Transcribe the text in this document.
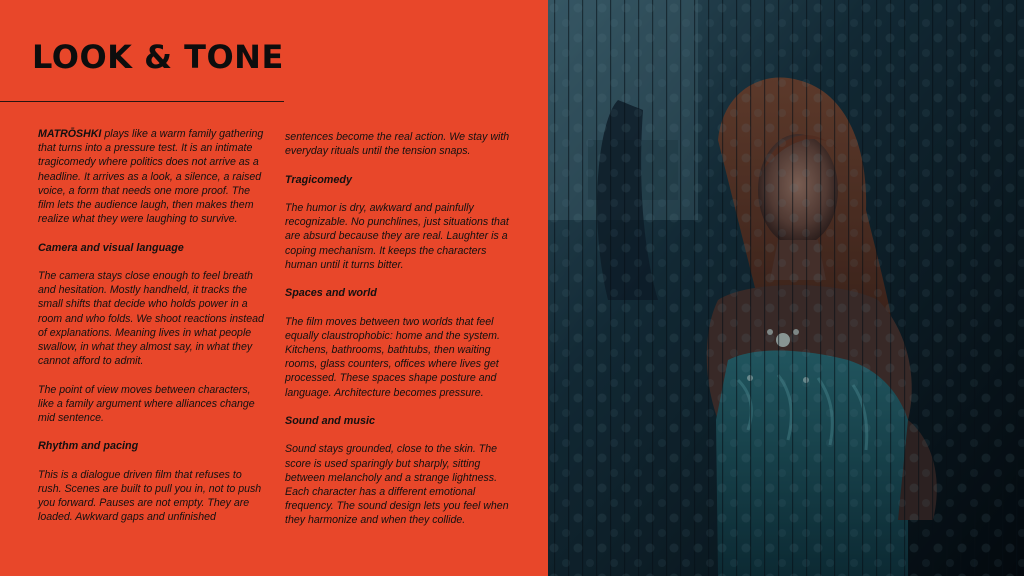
LOOK & TONE

MATRŌSHKI plays like a warm family gathering that turns into a pressure test. It is an intimate tragicomedy where politics does not arrive as a headline. It arrives as a look, a silence, a raised voice, a form that needs one more proof. The film lets the audience laugh, then makes them realize what they were laughing to survive.

Camera and visual language

The camera stays close enough to feel breath and hesitation. Mostly handheld, it tracks the small shifts that decide who holds power in a room and who folds. We shoot reactions instead of explanations. Meaning lives in what people swallow, in what they almost say, in what they cannot afford to admit.

The point of view moves between characters, like a family argument where alliances change mid sentence.

Rhythm and pacing

This is a dialogue driven film that refuses to rush. Scenes are built to pull you in, not to push you forward. Pauses are not empty. They are loaded. Awkward gaps and unfinished

sentences become the real action. We stay with everyday rituals until the tension snaps.

Tragicomedy

The humor is dry, awkward and painfully recognizable. No punchlines, just situations that are absurd because they are real. Laughter is a coping mechanism. It keeps the characters human until it turns bitter.

Spaces and world

The film moves between two worlds that feel equally claustrophobic: home and the system. Kitchens, bathrooms, bathtubs, then waiting rooms, glass counters, offices where lives get processed. These spaces shape posture and language. Architecture becomes pressure.

Sound and music

Sound stays grounded, close to the skin. The score is used sparingly but sharply, sitting between melancholy and a strange lightness. Each character has a different emotional frequency. The sound design lets you feel when they harmonize and when they collide.
